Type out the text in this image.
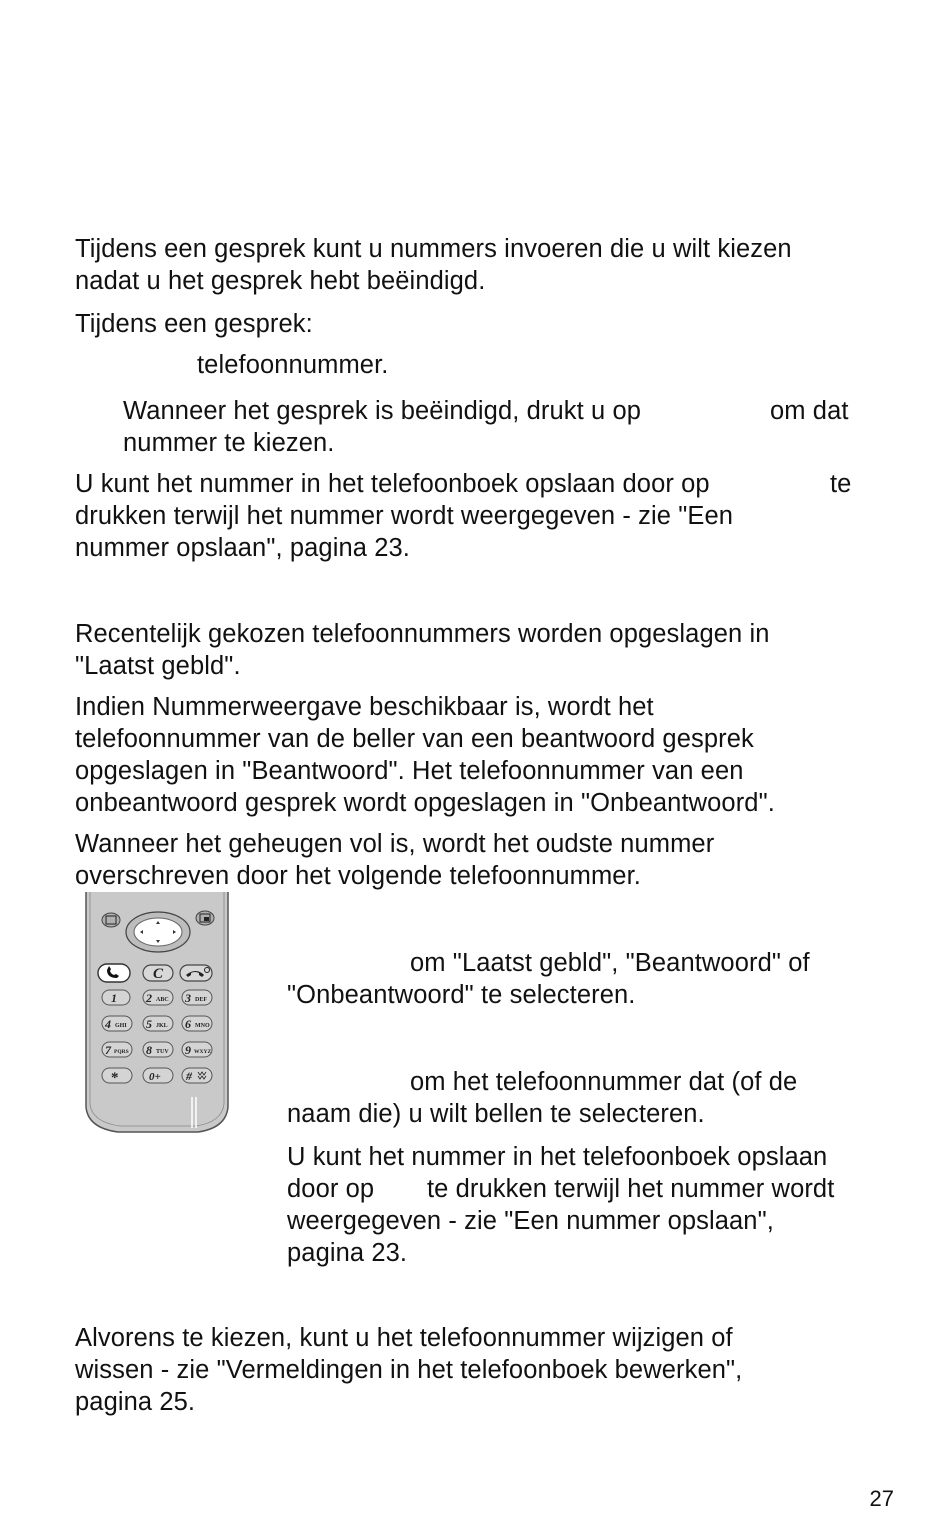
Tijdens een gesprek kunt u nummers invoeren die u wilt kiezen
nadat u het gesprek hebt beëindigd.
Tijdens een gesprek:
telefoonnummer.
Wanneer het gesprek is beëindigd, drukt u op	om dat
nummer te kiezen.
U kunt het nummer in het telefoonboek opslaan door op	te
drukken terwijl het nummer wordt weergegeven - zie "Een
nummer opslaan", pagina 23.
Recentelijk gekozen telefoonnummers worden opgeslagen in
"Laatst gebld".
Indien Nummerweergave beschikbaar is, wordt het
telefoonnummer van de beller van een beantwoord gesprek
opgeslagen in "Beantwoord". Het telefoonnummer van een
onbeantwoord gesprek wordt opgeslagen in "Onbeantwoord".
Wanneer het geheugen vol is, wordt het oudste nummer
overschreven door het volgende telefoonnummer.
C
1 2 ABC 3 DEF
4 GHI 5 JKL 6 MNO
7 PQRS 8 TUV 9 WXYZ
*	0+ #
om "Laatst gebld", "Beantwoord" of
"Onbeantwoord" te selecteren.
om het telefoonnummer dat (of de
naam die) u wilt bellen te selecteren.
U kunt het nummer in het telefoonboek opslaan
door op te drukken terwijl het nummer wordt
weergegeven - zie "Een nummer opslaan",
pagina 23.
Alvorens te kiezen, kunt u het telefoonnummer wijzigen of
wissen - zie "Vermeldingen in het telefoonboek bewerken",
pagina 25.
27
